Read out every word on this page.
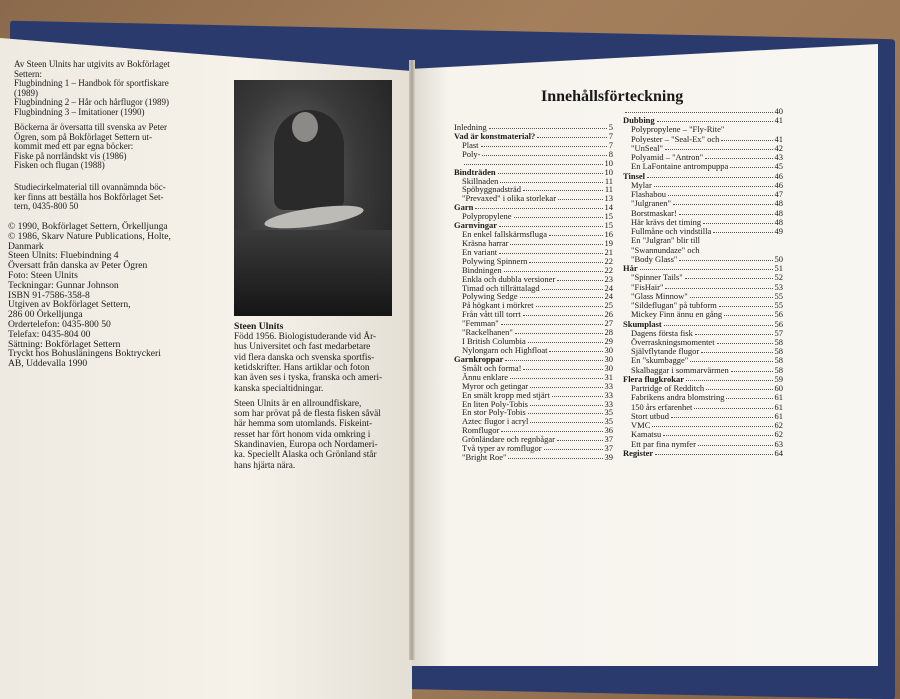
Av Steen Ulnits har utgivits av Bokförlaget
Settern:
Flugbindning 1 – Handbok för sportfiskare
(1989)
Flugbindning 2 – Hår och hårflugor (1989)
Flugbindning 3 – Imitationer (1990)
Böckerna är översatta till svenska av Peter
Ögren, som på Bokförlaget Settern ut-
kommit med ett par egna böcker:
Fiske på norrländskt vis (1986)
Fisken och flugan (1988)
Studiecirkelmaterial till ovannämnda böc-
ker finns att beställa hos Bokförlaget Set-
tern, 0435-800 50
© 1990, Bokförlaget Settern, Örkelljunga
© 1986, Skarv Nature Publications, Holte,
Danmark
Steen Ulnits: Fluebindning 4
Översatt från danska av Peter Ögren
Foto: Steen Ulnits
Teckningar: Gunnar Johnson
ISBN 91-7586-358-8
Utgiven av Bokförlaget Settern,
286 00 Örkelljunga
Ordertelefon: 0435-800 50
Telefax: 0435-804 00
Sättning: Bokförlaget Settern
Tryckt hos Bohusläningens Boktryckeri
AB, Uddevalla 1990
Steen Ulnits
Född 1956. Biologistuderande vid År-
hus Universitet och fast medarbetare
vid flera danska och svenska sportfis-
ketidskrifter. Hans artiklar och foton
kan även ses i tyska, franska och ameri-
kanska specialtidningar.
Steen Ulnits är en allroundfiskare,
som har prövat på de flesta fisken såväl
här hemma som utomlands. Fiskeint-
resset har fört honom vida omkring i
Skandinavien, Europa och Nordameri-
ka. Speciellt Alaska och Grönland står
hans hjärta nära.
Innehållsförteckning
Inledning	5
Vad är konstmaterial?	7
Plast	7
Poly-	8
10
Bindträden	10
Skillnaden	11
Spöbyggnadsträd	11
"Prevaxed" i olika storlekar	13
Garn	14
Polypropylene	15
Garnvingar	15
En enkel fallskärmsfluga	16
Kräsna harrar	19
En variant	21
Polywing Spinnern	22
Bindningen	22
Enkla och dubbla versioner	23
Timad och tillrättalagd	24
Polywing Sedge	24
På högkant i mörkret	25
Från vått till torrt	26
"Femman"	27
"Rackelhanen"	28
I British Columbia	29
Nylongarn och Highfloat	30
Garnkroppar	30
Smålt och forma!	30
Ännu enklare	31
Myror och getingar	33
En smält kropp med stjärt	33
En liten Poly-Tobis	33
En stor Poly-Tobis	35
Aztec flugor i acryl	35
Romflugor	36
Grönländare och regnbågar	37
Två typer av romflugor	37
"Bright Roe"	39
40
Dubbing	41
Polypropylene – "Fly-Rite"
Polyester – "Seal-Ex" och	41
"UnSeal"	42
Polyamid – "Antron"	43
En LaFontaine antrompuppa	45
Tinsel	46
Mylar	46
Flashabou	47
"Julgranen"	48
Borstmaskar!	48
Här krävs det timing	48
Fullmåne och vindstilla	49
En "Julgran" blir till
"Swannundaze" och
"Body Glass"	50
Hår	51
"Spinner Tails"	52
"FisHair"	53
"Glass Minnow"	55
"Sildeflugan" på tubform	55
Mickey Finn ännu en gång	56
Skumplast	56
Dagens första fisk	57
Överraskningsmomentet	58
Självflytande flugor	58
En "skumbagge"	58
Skalbaggar i sommarvärmen	58
Flera flugkrokar	59
Partridge of Redditch	60
Fabrikens andra blomstring	61
150 års erfarenhet	61
Stort utbud	61
VMC	62
Kamatsu	62
Ett par fina nymfer	63
Register	64
